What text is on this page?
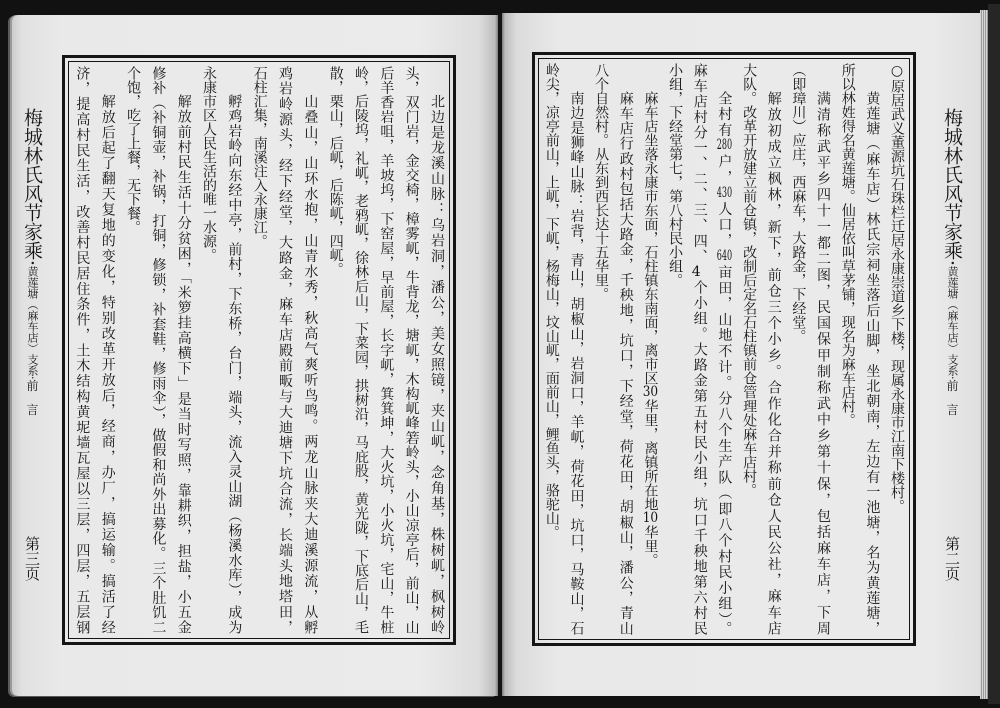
梅城林氏风节家乘·黄莲塘（麻车店）支系·前　言
第二页
○原居武义董源坑石珠栏迁居永康崇道乡下楼，现属永康市江南下楼村。
黄莲塘（麻车店）林氏宗祠坐落后山脚，坐北朝南，左边有一池塘，名为黄莲塘，
所以林姓得名黄莲塘。仙居依叫草茅铺，现名为麻车店村。
满清称武平乡四十一都二图，民国保甲制称武中乡第十保，包括麻车店，下周
（即璋川）应庄，西麻车，大路金，下经堂。
解放初成立枫林，新下，前仓三个小乡。合作化合并称前仓人民公社，麻车店
大队。改革开放建立前仓镇，改制后定名石柱镇前仓管理处麻车店村。
全村有280户，430人口，640亩田，山地不计。分八个生产队（即八个村民小组）。
麻车店村分一、二、三、四、4个小组。大路金第五村民小组，坑口千秧地第六村民
小组，下经堂第七，第八村民小组。
麻车店坐落永康市东面，石柱镇东南面，离市区30华里，离镇所在地10华里。
麻车店行政村包括大路金，千秧地，坑口，下经堂，荷花田，胡椒山，潘公，青山
八个自然村。从东到西长达十五华里。
南边是狮峰山脉：岩背，青山，胡椒山，岩洞口，羊屼，荷花田，坑口，马鞍山，石
岭尖，凉亭前山，上屼，下屼，杨梅山，坟山屼，面前山，鲤鱼头，骆驼山。
梅城林氏风节家乘·黄莲塘（麻车店）支系·前　言
第三页	北边是龙溪山脉：乌岩洞，潘公，美女照镜，夹山屼，念角基，株树屼，枫树岭
头，双门岩，金交椅，樟雾屼，牛背龙，塘屼，木构屼峰箬岭头，小山凉亭后，前山，山
后羊香岩咀，羊坡坞，下窑屋，早前屋，长字屼，箕箕坤，大火坑，小火坑，宅山，牛桩
岭，后陵坞，礼屼，老鸦屼，徐林后山，下菜园，拱树沿，马庇股，黄光陇，下底后山，毛
散，栗山，后屼，后陈屼，四屼。
山叠山，山环水抱，山青水秀，秋高气爽听鸟鸣。两龙山脉夹大迪溪源流，从孵
鸡岩岭源头，经下经堂，大路金，麻车店殿前畈与大迪塘下坑合流，长端头地塔田，
石柱汇集，南溪注入永康江。
孵鸡岩岭向东经中亭，前村，下东桥，台门，端头，流入灵山湖（杨溪水库），成为
永康市区人民生活的唯一水源。
解放前村民生活十分贫困，「米箩挂高横下」是当时写照，靠耕织，担盐，小五金
修补（补铜壶，补锅，打铜，修锁，补套鞋，修雨伞），做假和尚外出募化。三个肚饥二
个饱，吃了上餐，无下餐。
解放后起了翻天复地的变化，特别改革开放后，经商，办厂，搞运输。搞活了经
济，提高村民生活，改善村民居住条件，土木结构黄坭墙瓦屋以三层，四层，五层钢
